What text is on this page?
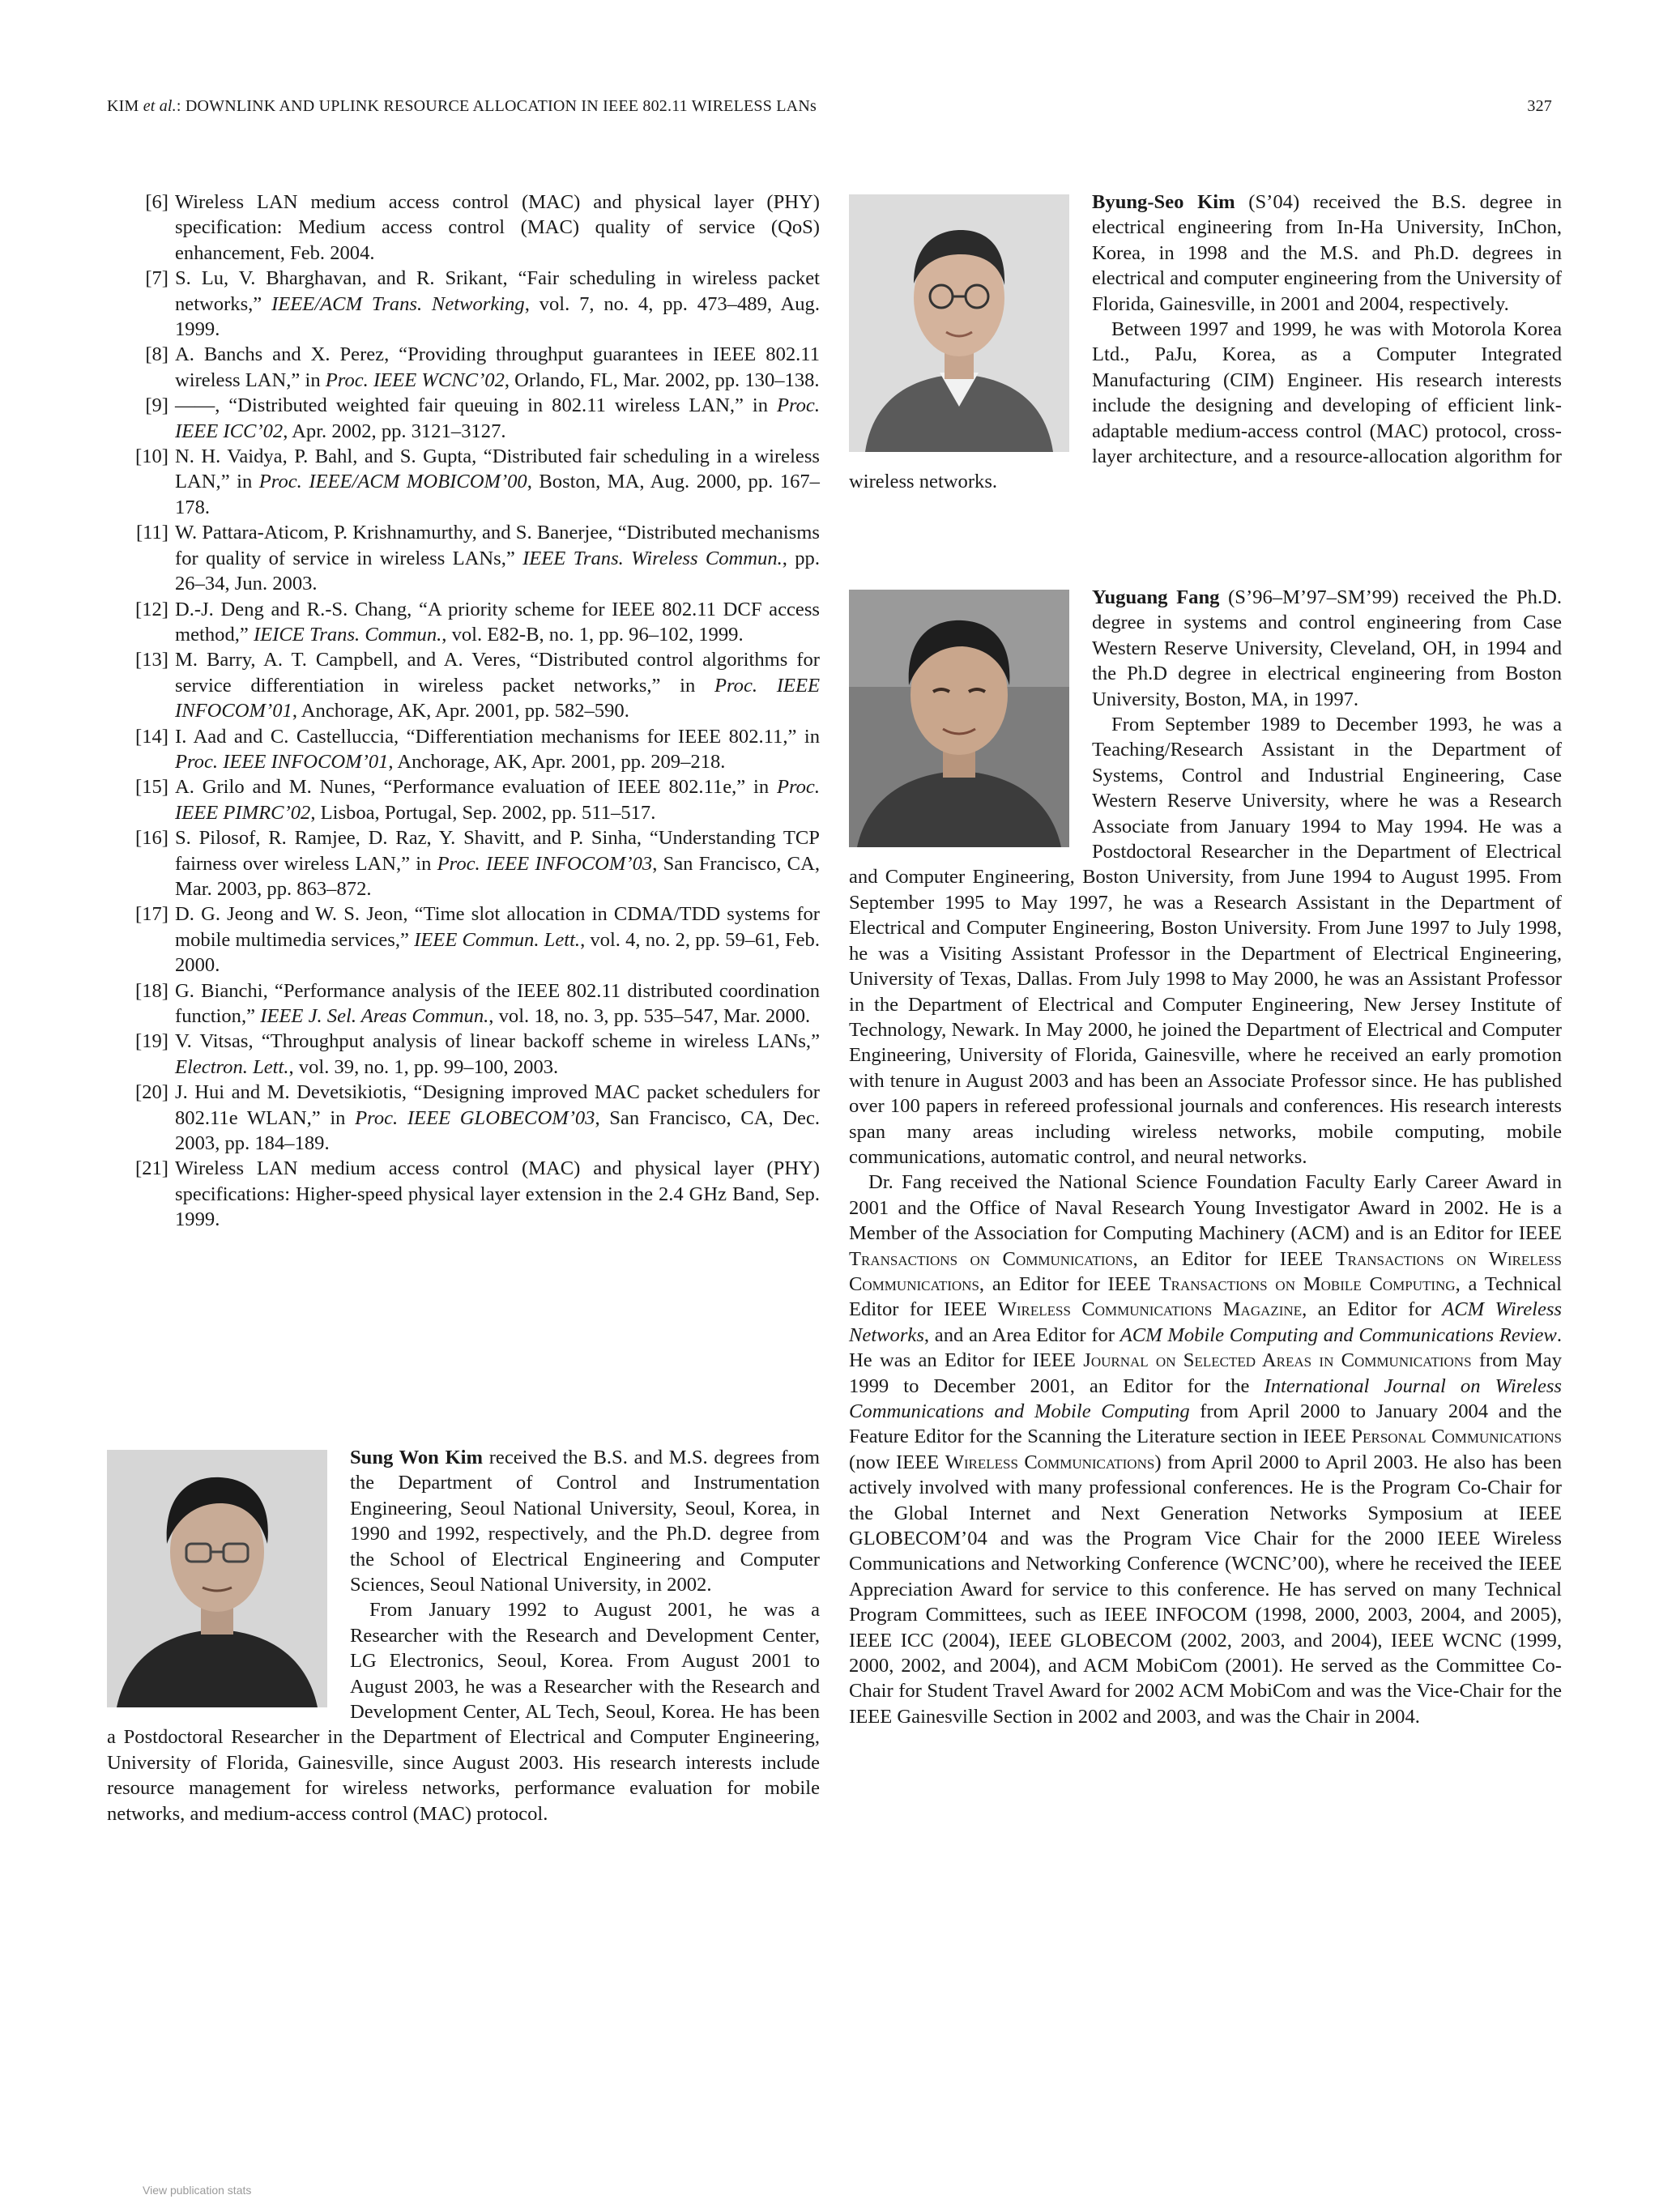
KIM et al.: DOWNLINK AND UPLINK RESOURCE ALLOCATION IN IEEE 802.11 WIRELESS LANs	327
[6] Wireless LAN medium access control (MAC) and physical layer (PHY) specification: Medium access control (MAC) quality of service (QoS) enhancement, Feb. 2004.
[7] S. Lu, V. Bharghavan, and R. Srikant, “Fair scheduling in wireless packet networks,” IEEE/ACM Trans. Networking, vol. 7, no. 4, pp. 473–489, Aug. 1999.
[8] A. Banchs and X. Perez, “Providing throughput guarantees in IEEE 802.11 wireless LAN,” in Proc. IEEE WCNC’02, Orlando, FL, Mar. 2002, pp. 130–138.
[9] ——, “Distributed weighted fair queuing in 802.11 wireless LAN,” in Proc. IEEE ICC’02, Apr. 2002, pp. 3121–3127.
[10] N. H. Vaidya, P. Bahl, and S. Gupta, “Distributed fair scheduling in a wireless LAN,” in Proc. IEEE/ACM MOBICOM’00, Boston, MA, Aug. 2000, pp. 167–178.
[11] W. Pattara-Aticom, P. Krishnamurthy, and S. Banerjee, “Distributed mechanisms for quality of service in wireless LANs,” IEEE Trans. Wireless Commun., pp. 26–34, Jun. 2003.
[12] D.-J. Deng and R.-S. Chang, “A priority scheme for IEEE 802.11 DCF access method,” IEICE Trans. Commun., vol. E82-B, no. 1, pp. 96–102, 1999.
[13] M. Barry, A. T. Campbell, and A. Veres, “Distributed control algorithms for service differentiation in wireless packet networks,” in Proc. IEEE INFOCOM’01, Anchorage, AK, Apr. 2001, pp. 582–590.
[14] I. Aad and C. Castelluccia, “Differentiation mechanisms for IEEE 802.11,” in Proc. IEEE INFOCOM’01, Anchorage, AK, Apr. 2001, pp. 209–218.
[15] A. Grilo and M. Nunes, “Performance evaluation of IEEE 802.11e,” in Proc. IEEE PIMRC’02, Lisboa, Portugal, Sep. 2002, pp. 511–517.
[16] S. Pilosof, R. Ramjee, D. Raz, Y. Shavitt, and P. Sinha, “Understanding TCP fairness over wireless LAN,” in Proc. IEEE INFOCOM’03, San Francisco, CA, Mar. 2003, pp. 863–872.
[17] D. G. Jeong and W. S. Jeon, “Time slot allocation in CDMA/TDD systems for mobile multimedia services,” IEEE Commun. Lett., vol. 4, no. 2, pp. 59–61, Feb. 2000.
[18] G. Bianchi, “Performance analysis of the IEEE 802.11 distributed coordination function,” IEEE J. Sel. Areas Commun., vol. 18, no. 3, pp. 535–547, Mar. 2000.
[19] V. Vitsas, “Throughput analysis of linear backoff scheme in wireless LANs,” Electron. Lett., vol. 39, no. 1, pp. 99–100, 2003.
[20] J. Hui and M. Devetsikiotis, “Designing improved MAC packet schedulers for 802.11e WLAN,” in Proc. IEEE GLOBECOM’03, San Francisco, CA, Dec. 2003, pp. 184–189.
[21] Wireless LAN medium access control (MAC) and physical layer (PHY) specifications: Higher-speed physical layer extension in the 2.4 GHz Band, Sep. 1999.

Byung-Seo Kim (S’04) received the B.S. degree in electrical engineering from In-Ha University, InChon, Korea, in 1998 and the M.S. and Ph.D. degrees in electrical and computer engineering from the University of Florida, Gainesville, in 2001 and 2004, respectively.

Between 1997 and 1999, he was with Motorola Korea Ltd., PaJu, Korea, as a Computer Integrated Manufacturing (CIM) Engineer. His research interests include the designing and developing of efficient link-adaptable medium-access control (MAC) protocol, cross-layer architecture, and a resource-allocation algorithm for wireless networks.

Yuguang Fang (S’96–M’97–SM’99) received the Ph.D. degree in systems and control engineering from Case Western Reserve University, Cleveland, OH, in 1994 and the Ph.D degree in electrical engineering from Boston University, Boston, MA, in 1997.

From September 1989 to December 1993, he was a Teaching/Research Assistant in the Department of Systems, Control and Industrial Engineering, Case Western Reserve University, where he was a Research Associate from January 1994 to May 1994. He was a Postdoctoral Researcher in the Department of Electrical and Computer Engineering, Boston University, from June 1994 to August 1995. From September 1995 to May 1997, he was a Research Assistant in the Department of Electrical and Computer Engineering, Boston University. From June 1997 to July 1998, he was a Visiting Assistant Professor in the Department of Electrical Engineering, University of Texas, Dallas. From July 1998 to May 2000, he was an Assistant Professor in the Department of Electrical and Computer Engineering, New Jersey Institute of Technology, Newark. In May 2000, he joined the Department of Electrical and Computer Engineering, University of Florida, Gainesville, where he received an early promotion with tenure in August 2003 and has been an Associate Professor since. He has published over 100 papers in refereed professional journals and conferences. His research interests span many areas including wireless networks, mobile computing, mobile communications, automatic control, and neural networks.

Dr. Fang received the National Science Foundation Faculty Early Career Award in 2001 and the Office of Naval Research Young Investigator Award in 2002. He is a Member of the Association for Computing Machinery (ACM) and is an Editor for IEEE Transactions on Communications, an Editor for IEEE Transactions on Wireless Communications, an Editor for IEEE Transactions on Mobile Computing, a Technical Editor for IEEE Wireless Communications Magazine, an Editor for ACM Wireless Networks, and an Area Editor for ACM Mobile Computing and Communications Review. He was an Editor for IEEE Journal on Selected Areas in Communications from May 1999 to December 2001, an Editor for the International Journal on Wireless Communications and Mobile Computing from April 2000 to January 2004 and the Feature Editor for the Scanning the Literature section in IEEE Personal Communications (now IEEE Wireless Communications) from April 2000 to April 2003. He also has been actively involved with many professional conferences. He is the Program Co-Chair for the Global Internet and Next Generation Networks Symposium at IEEE GLOBECOM’04 and was the Program Vice Chair for the 2000 IEEE Wireless Communications and Networking Conference (WCNC’00), where he received the IEEE Appreciation Award for service to this conference. He has served on many Technical Program Committees, such as IEEE INFOCOM (1998, 2000, 2003, 2004, and 2005), IEEE ICC (2004), IEEE GLOBECOM (2002, 2003, and 2004), IEEE WCNC (1999, 2000, 2002, and 2004), and ACM MobiCom (2001). He served as the Committee Co-Chair for Student Travel Award for 2002 ACM MobiCom and was the Vice-Chair for the IEEE Gainesville Section in 2002 and 2003, and was the Chair in 2004.

Sung Won Kim received the B.S. and M.S. degrees from the Department of Control and Instrumentation Engineering, Seoul National University, Seoul, Korea, in 1990 and 1992, respectively, and the Ph.D. degree from the School of Electrical Engineering and Computer Sciences, Seoul National University, in 2002.

From January 1992 to August 2001, he was a Researcher with the Research and Development Center, LG Electronics, Seoul, Korea. From August 2001 to August 2003, he was a Researcher with the Research and Development Center, AL Tech, Seoul, Korea. He has been a Postdoctoral Researcher in the Department of Electrical and Computer Engineering, University of Florida, Gainesville, since August 2003. His research interests include resource management for wireless networks, performance evaluation for mobile networks, and medium-access control (MAC) protocol.

View publication stats
